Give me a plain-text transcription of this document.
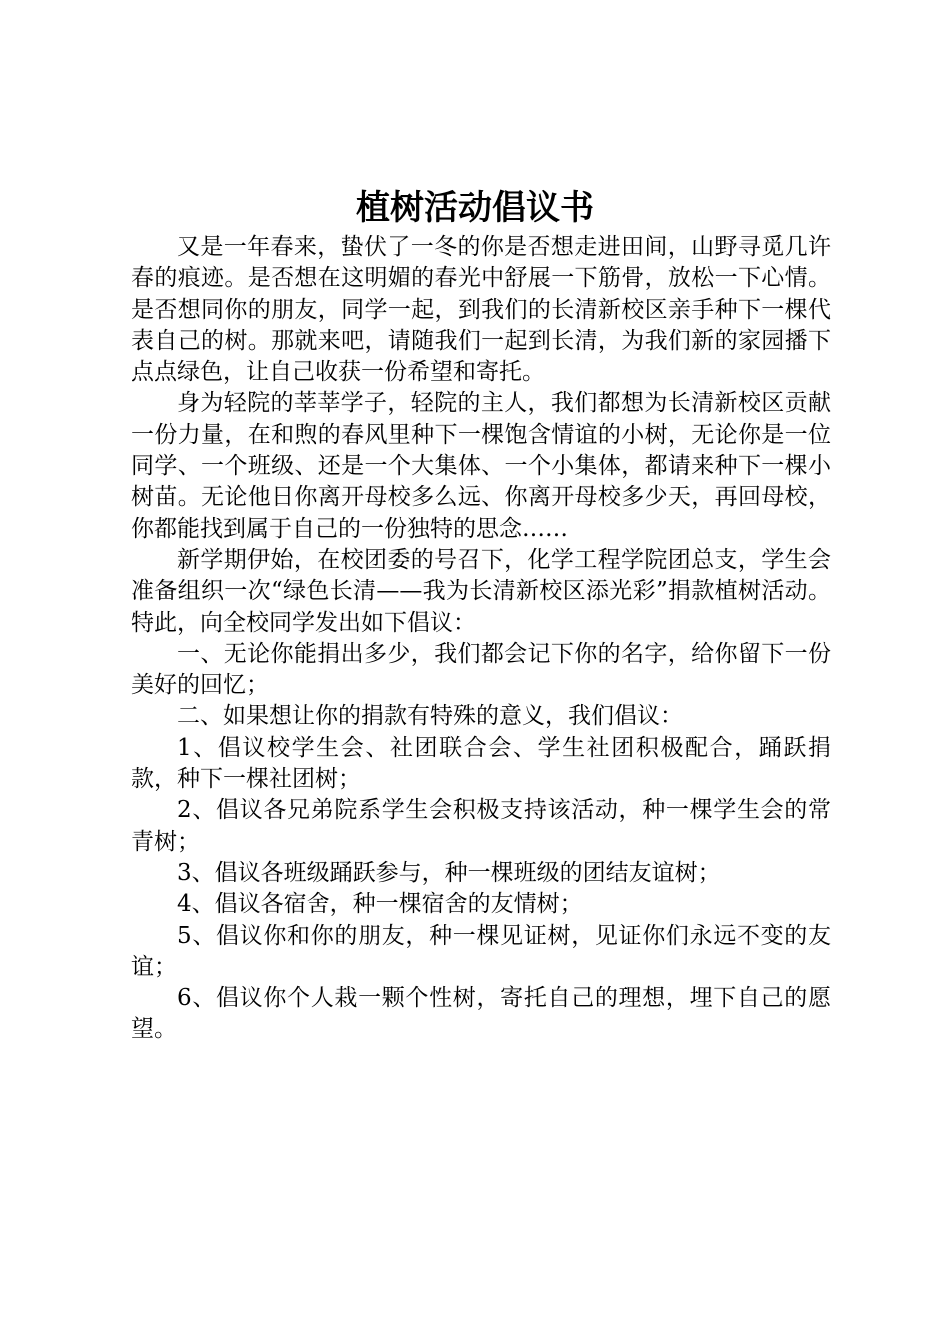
植树活动倡议书

又是一年春来，蛰伏了一冬的你是否想走进田间，山野寻觅几许春的痕迹。是否想在这明媚的春光中舒展一下筋骨，放松一下心情。是否想同你的朋友，同学一起，到我们的长清新校区亲手种下一棵代表自己的树。那就来吧，请随我们一起到长清，为我们新的家园播下点点绿色，让自己收获一份希望和寄托。

身为轻院的莘莘学子，轻院的主人，我们都想为长清新校区贡献一份力量，在和煦的春风里种下一棵饱含情谊的小树，无论你是一位同学、一个班级、还是一个大集体、一个小集体，都请来种下一棵小树苗。无论他日你离开母校多么远、你离开母校多少天，再回母校，你都能找到属于自己的一份独特的思念……

新学期伊始，在校团委的号召下，化学工程学院团总支，学生会准备组织一次“绿色长清——我为长清新校区添光彩”捐款植树活动。特此，向全校同学发出如下倡议：

一、无论你能捐出多少，我们都会记下你的名字，给你留下一份美好的回忆；

二、如果想让你的捐款有特殊的意义，我们倡议：

1、倡议校学生会、社团联合会、学生社团积极配合，踊跃捐款，种下一棵社团树；

2、倡议各兄弟院系学生会积极支持该活动，种一棵学生会的常青树；

3、倡议各班级踊跃参与，种一棵班级的团结友谊树；

4、倡议各宿舍，种一棵宿舍的友情树；

5、倡议你和你的朋友，种一棵见证树，见证你们永远不变的友谊；

6、倡议你个人栽一颗个性树，寄托自己的理想，埋下自己的愿望。
